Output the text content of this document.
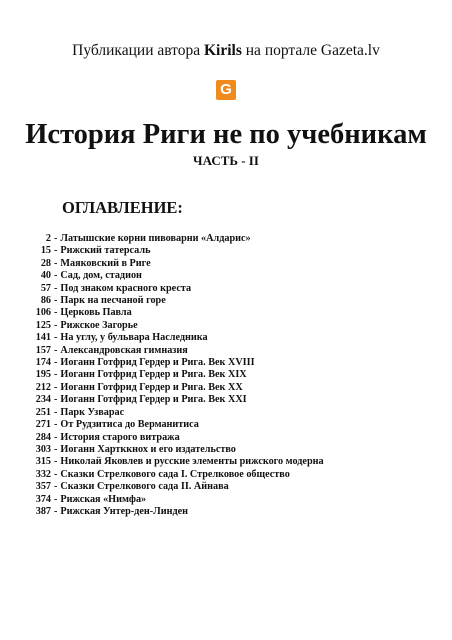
Публикации автора Kirils на портале Gazeta.lv
G
История Риги не по учебникам
ЧАСТЬ - II
ОГЛАВЛЕНИЕ:
2 - Латышские корни пивоварни «Алдарис»
15 - Рижский татерсаль
28 - Маяковский в Риге
40 - Сад, дом, стадион
57 - Под знаком красного креста
86 - Парк на песчаной горе
106 - Церковь Павла
125 - Рижское Загорье
141 - На углу, у бульвара Наследника
157 - Александровская гимназия
174 - Иоганн Готфрид Гердер и Рига. Век XVIII
195 - Иоганн Готфрид Гердер и Рига. Век XIX
212 - Иоганн Готфрид Гердер и Рига. Век XX
234 - Иоганн Готфрид Гердер и Рига. Век XXI
251 - Парк Узварас
271 - От Рудзитиса до Верманитиса
284 - История старого витража
303 - Иоганн Хартккнох и его издательство
315 - Николай Яковлев и русские элементы рижского модерна
332 - Сказки Стрелкового сада I. Стрелковое общество
357 - Сказки Стрелкового сада II. Айнава
374 - Рижская «Нимфа»
387 - Рижская Унтер-ден-Линден
